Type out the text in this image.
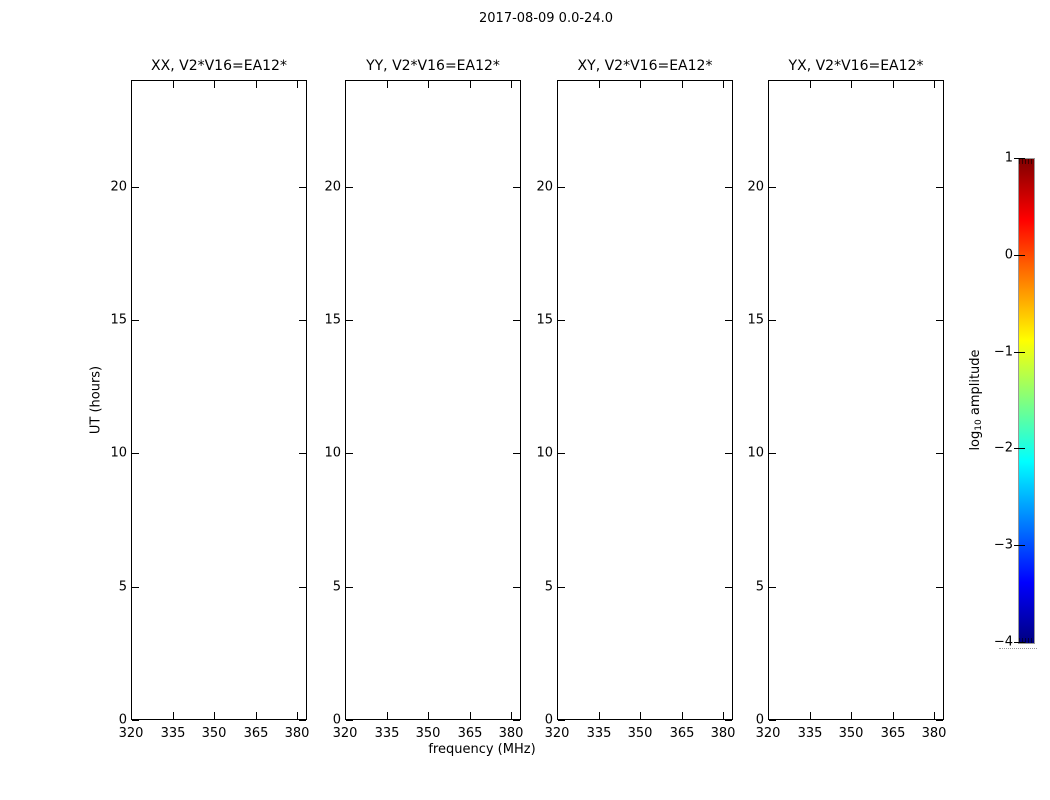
2017-08-09 0.0-24.0
XX, V2*V16=EA12*
320 335 350 365 380
0
5
10
15
20
YY, V2*V16=EA12*
320 335 350 365 380
0
5
10
15
20
XY, V2*V16=EA12*
320 335 350 365 380
0
5
10
15
20
YX, V2*V16=EA12*
320 335 350 365 380
0
5
10
15
20
frequency (MHz)
UT (hours)
$\log_{10}$ amplitude
1
0
−1
−2
−3
−4
